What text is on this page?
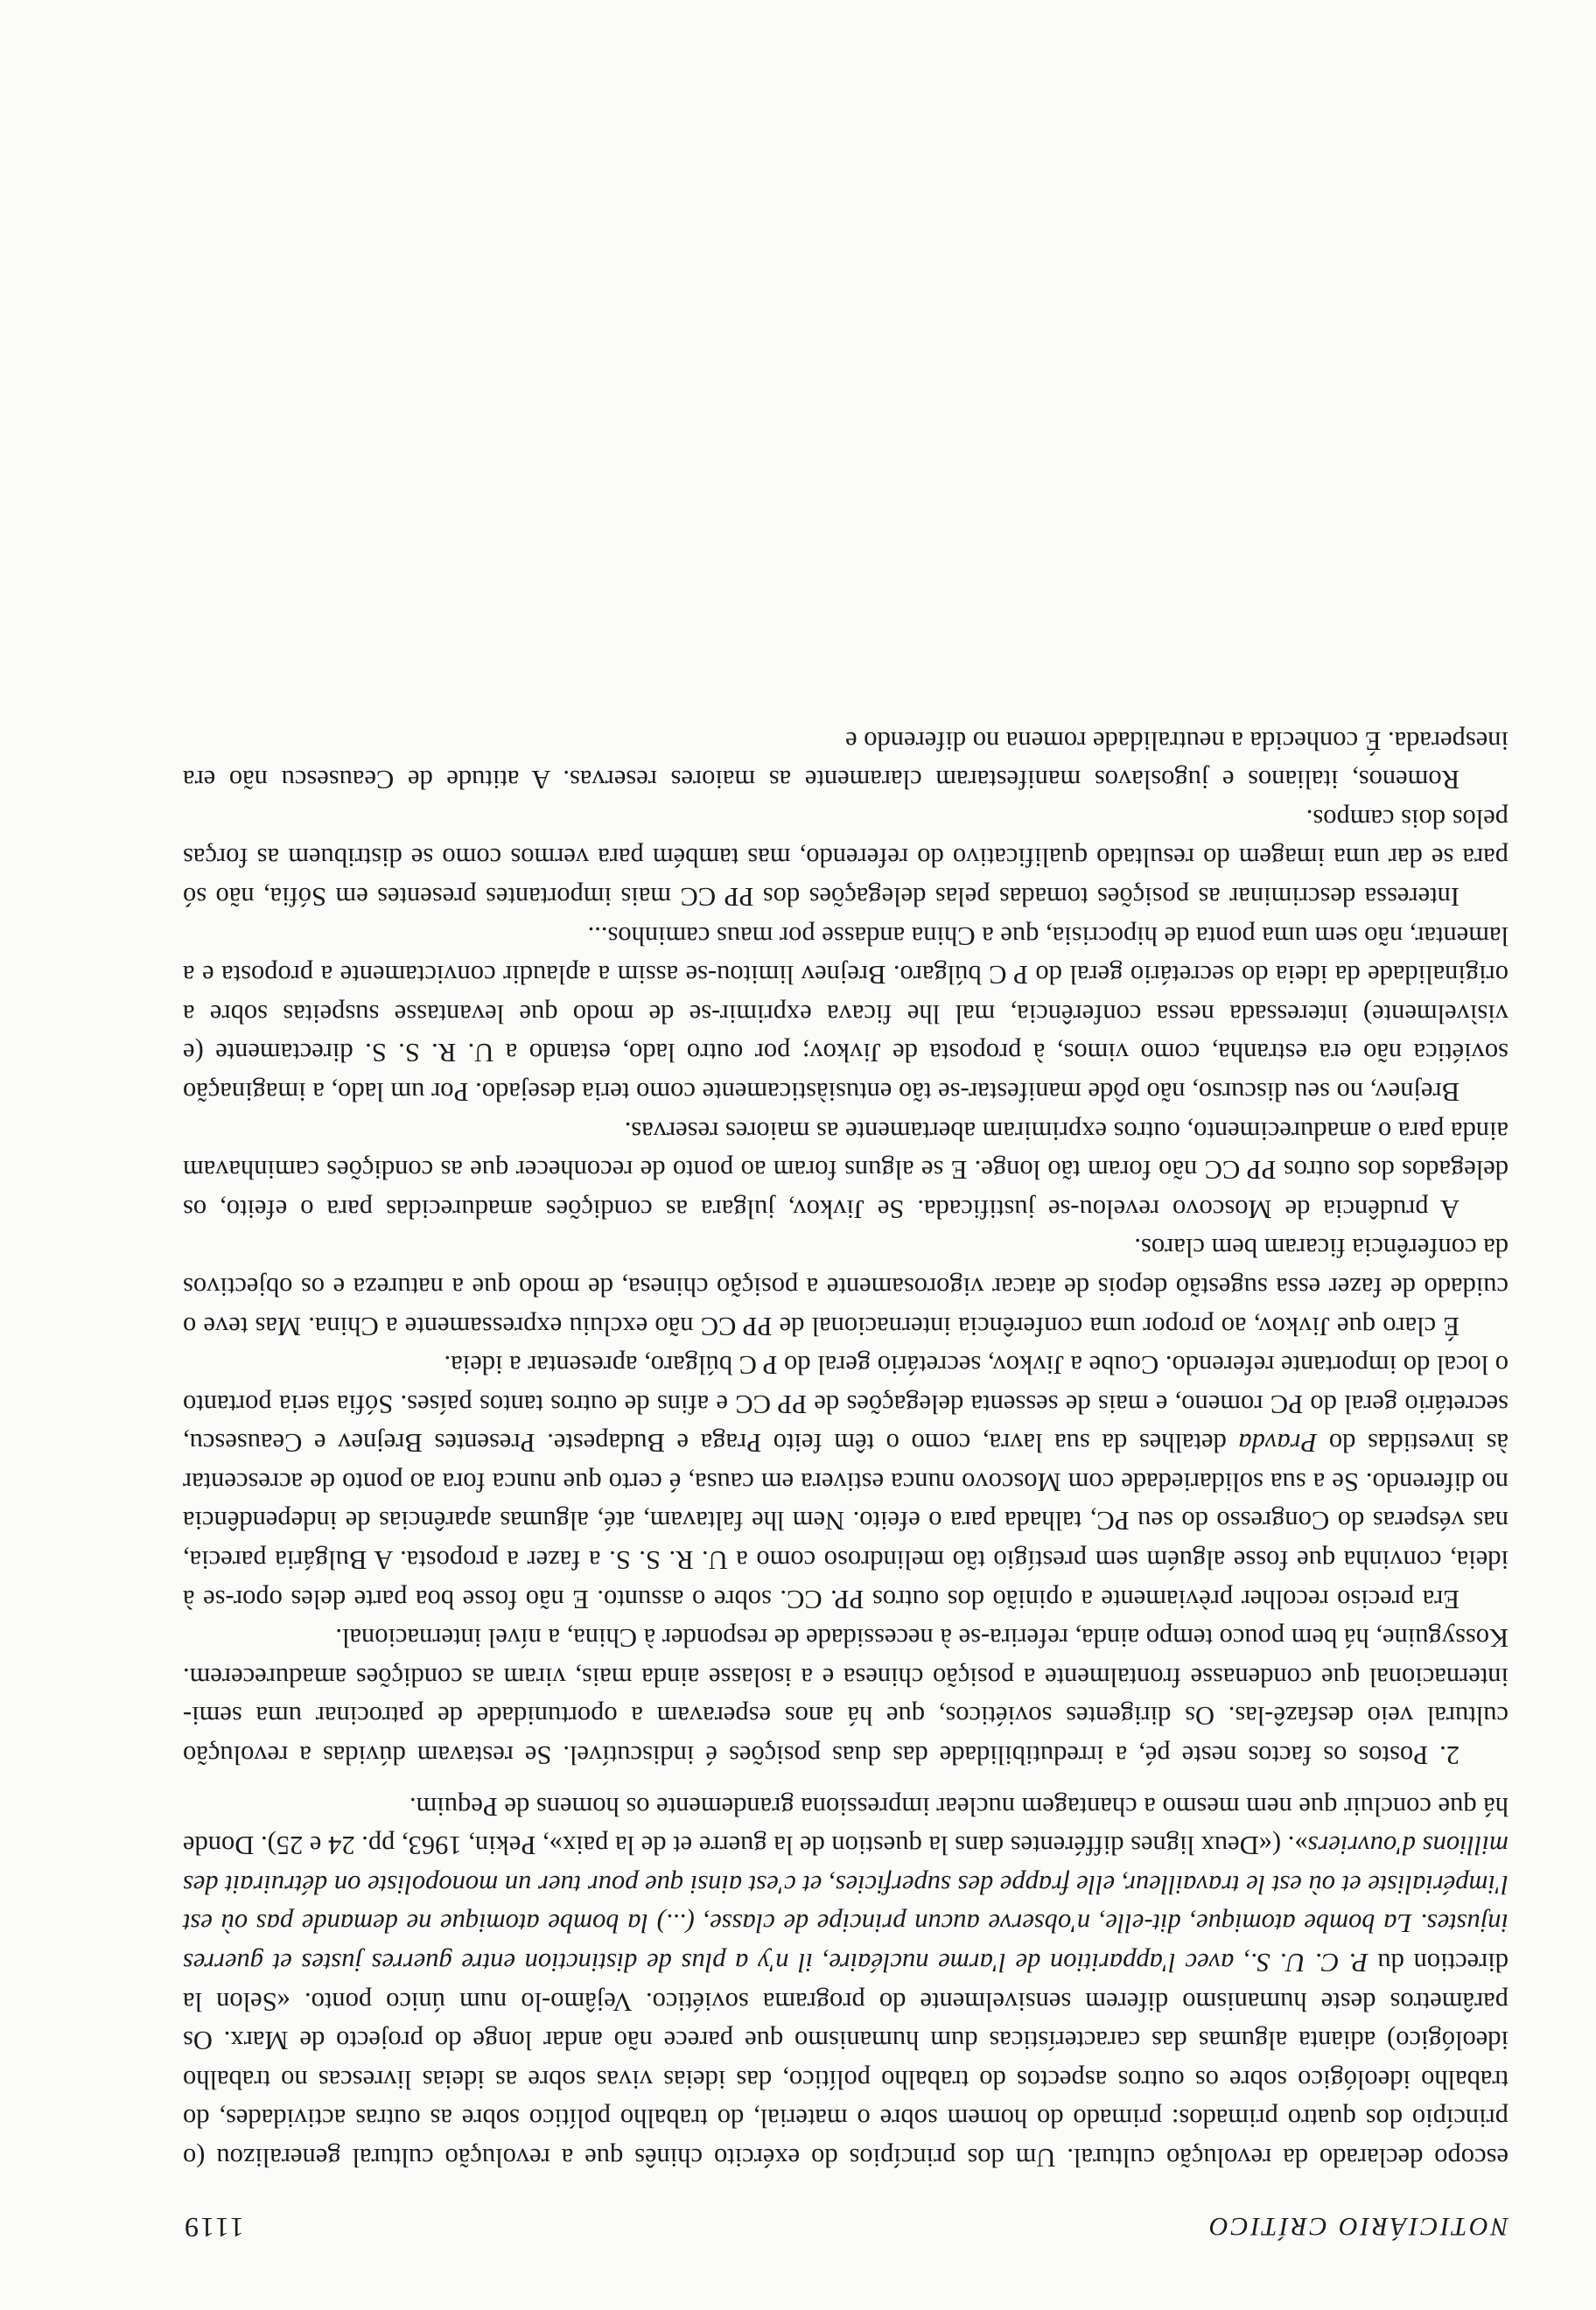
NOTICIÁRIO CRÍTICO
1119

escopo declarado da revolução cultural. Um dos princípios do exército chinês que a revolução cultural generalizou (o princípio dos quatro primados: primado do homem sobre o material, do trabalho político sobre as outras actividades, do trabalho ideológico sobre os outros aspectos do trabalho político, das ideias vivas sobre as ideias livrescas no trabalho ideológico) adianta algumas das características dum humanismo que parece não andar longe do projecto de Marx. Os parâmetros deste humanismo diferem sensivelmente do programa soviético. Vejâmo-lo num único ponto. «Selon la direction du P. C. U. S., avec l'apparition de l'arme nucléaire, il n'y a plus de distinction entre guerres justes et guerres injustes. La bombe atomique, dit-elle, n'observe aucun principe de classe, (...) la bombe atomique ne demande pas où est l'impérialiste et où est le travailleur, elle frappe des superficies, et c'est ainsi que pour tuer un monopoliste on détruirait des millions d'ouvriers». («Deux lignes différentes dans la question de la guerre et de la paix», Pekin, 1963, pp. 24 e 25). Donde há que concluir que nem mesmo a chantagem nuclear impressiona grandemente os homens de Pequim.

2. Postos os factos neste pé, a irredutibilidade das duas posições é indiscutível. Se restavam dúvidas a revolução cultural veio desfazê-las. Os dirigentes soviéticos, que há anos esperavam a oportunidade de patrocinar uma semi-internacional que condenasse frontalmente a posição chinesa e a isolasse ainda mais, viram as condições amadurecerem. Kossyguine, há bem pouco tempo ainda, referira-se à necessidade de responder à China, a nível internacional.

Era preciso recolher prèviamente a opinião dos outros PP. CC. sobre o assunto. E não fosse boa parte deles opor-se à ideia, convinha que fosse alguém sem prestígio tão melindroso como a U. R. S. S. a fazer a proposta. A Bulgária parecia, nas vésperas do Congresso do seu PC, talhada para o efeito. Nem lhe faltavam, até, algumas aparências de independência no diferendo. Se a sua solidariedade com Moscovo nunca estivera em causa, é certo que nunca fora ao ponto de acrescentar às investidas do Pravda detalhes da sua lavra, como o têm feito Praga e Budapeste. Presentes Brejnev e Ceausescu, secretário geral do PC romeno, e mais de sessenta delegações de PP CC e afins de outros tantos países. Sófia seria portanto o local do importante referendo. Coube a Jivkov, secretário geral do P C búlgaro, apresentar a ideia.

É claro que Jivkov, ao propor uma conferência internacional de PP CC não excluiu expressamente a China. Mas teve o cuidado de fazer essa sugestão depois de atacar vigorosamente a posição chinesa, de modo que a natureza e os objectivos da conferência ficaram bem claros.

A prudência de Moscovo revelou-se justificada. Se Jivkov, julgara as condições amadurecidas para o efeito, os delegados dos outros PP CC não foram tão longe. E se alguns foram ao ponto de reconhecer que as condições caminhavam ainda para o amadurecimento, outros exprimiram abertamente as maiores reservas.

Brejnev, no seu discurso, não pôde manifestar-se tão entusiàsticamente como teria desejado. Por um lado, a imaginação soviética não era estranha, como vimos, à proposta de Jivkov; por outro lado, estando a U. R. S. S. directamente (e visìvelmente) interessada nessa conferência, mal lhe ficava exprimir-se de modo que levantasse suspeitas sobre a originalidade da ideia do secretário geral do P C búlgaro. Brejnev limitou-se assim a aplaudir convictamente a proposta e a lamentar, não sem uma ponta de hipocrisia, que a China andasse por maus caminhos...

Interessa descriminar as posições tomadas pelas delegações dos PP CC mais importantes presentes em Sófia, não só para se dar uma imagem do resultado qualificativo do referendo, mas também para vermos como se distribuem as forças pelos dois campos.

Romenos, italianos e jugoslavos manifestaram claramente as maiores reservas. A atitude de Ceausescu não era inesperada. É conhecida a neutralidade romena no diferendo e
